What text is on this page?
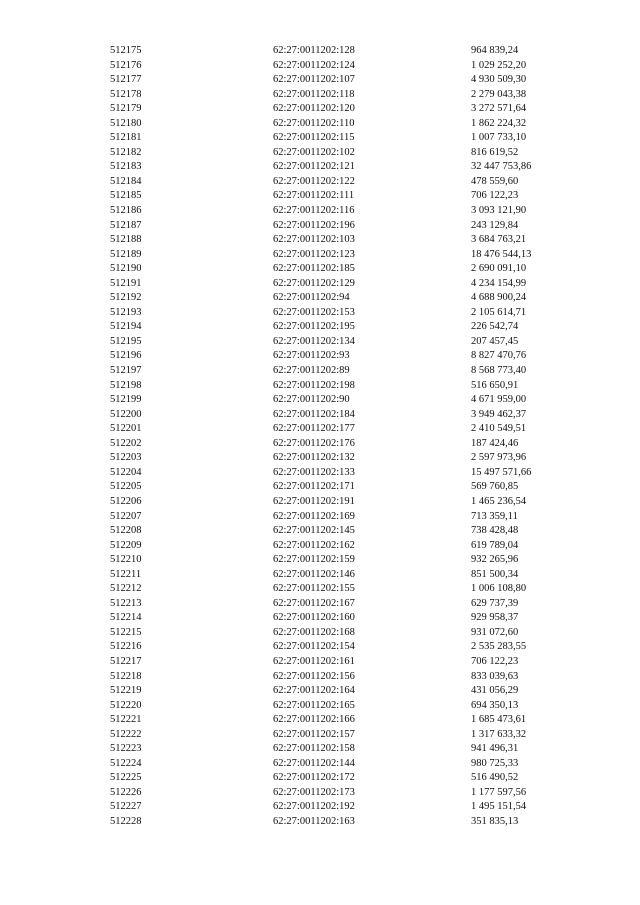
512175	62:27:0011202:128	964 839,24
512176	62:27:0011202:124	1 029 252,20
512177	62:27:0011202:107	4 930 509,30
512178	62:27:0011202:118	2 279 043,38
512179	62:27:0011202:120	3 272 571,64
512180	62:27:0011202:110	1 862 224,32
512181	62:27:0011202:115	1 007 733,10
512182	62:27:0011202:102	816 619,52
512183	62:27:0011202:121	32 447 753,86
512184	62:27:0011202:122	478 559,60
512185	62:27:0011202:111	706 122,23
512186	62:27:0011202:116	3 093 121,90
512187	62:27:0011202:196	243 129,84
512188	62:27:0011202:103	3 684 763,21
512189	62:27:0011202:123	18 476 544,13
512190	62:27:0011202:185	2 690 091,10
512191	62:27:0011202:129	4 234 154,99
512192	62:27:0011202:94	4 688 900,24
512193	62:27:0011202:153	2 105 614,71
512194	62:27:0011202:195	226 542,74
512195	62:27:0011202:134	207 457,45
512196	62:27:0011202:93	8 827 470,76
512197	62:27:0011202:89	8 568 773,40
512198	62:27:0011202:198	516 650,91
512199	62:27:0011202:90	4 671 959,00
512200	62:27:0011202:184	3 949 462,37
512201	62:27:0011202:177	2 410 549,51
512202	62:27:0011202:176	187 424,46
512203	62:27:0011202:132	2 597 973,96
512204	62:27:0011202:133	15 497 571,66
512205	62:27:0011202:171	569 760,85
512206	62:27:0011202:191	1 465 236,54
512207	62:27:0011202:169	713 359,11
512208	62:27:0011202:145	738 428,48
512209	62:27:0011202:162	619 789,04
512210	62:27:0011202:159	932 265,96
512211	62:27:0011202:146	851 500,34
512212	62:27:0011202:155	1 006 108,80
512213	62:27:0011202:167	629 737,39
512214	62:27:0011202:160	929 958,37
512215	62:27:0011202:168	931 072,60
512216	62:27:0011202:154	2 535 283,55
512217	62:27:0011202:161	706 122,23
512218	62:27:0011202:156	833 039,63
512219	62:27:0011202:164	431 056,29
512220	62:27:0011202:165	694 350,13
512221	62:27:0011202:166	1 685 473,61
512222	62:27:0011202:157	1 317 633,32
512223	62:27:0011202:158	941 496,31
512224	62:27:0011202:144	980 725,33
512225	62:27:0011202:172	516 490,52
512226	62:27:0011202:173	1 177 597,56
512227	62:27:0011202:192	1 495 151,54
512228	62:27:0011202:163	351 835,13
